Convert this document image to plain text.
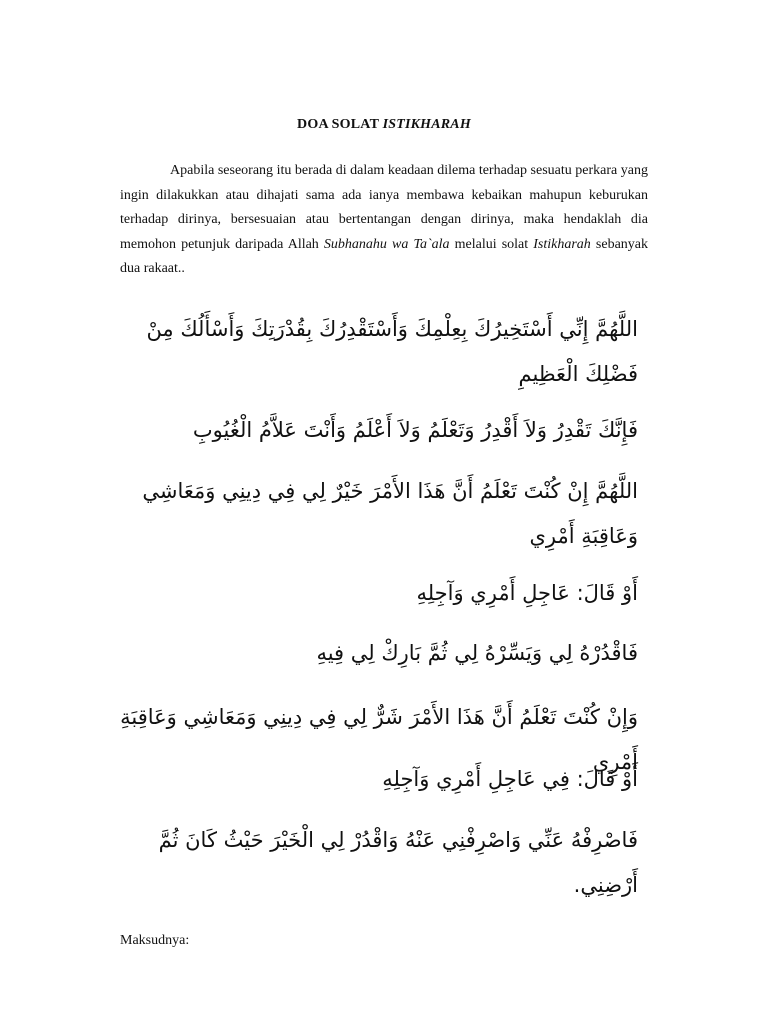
DOA SOLAT ISTIKHARAH
Apabila seseorang itu berada di dalam keadaan dilema terhadap sesuatu perkara yang ingin dilakukkan atau dihajati sama ada ianya membawa kebaikan mahupun keburukan terhadap dirinya, bersesuaian atau bertentangan dengan dirinya, maka hendaklah dia memohon petunjuk daripada Allah Subhanahu wa Ta`ala melalui solat Istikharah sebanyak dua rakaat..
اللَّهُمَّ إِنِّي أَسْتَخِيرُكَ بِعِلْمِكَ وَأَسْتَقْدِرُكَ بِقُدْرَتِكَ وَأَسْأَلُكَ مِنْ فَضْلِكَ الْعَظِيمِ
فَإِنَّكَ تَقْدِرُ وَلاَ أَقْدِرُ وَتَعْلَمُ وَلاَ أَعْلَمُ وَأَنْتَ عَلاَّمُ الْغُيُوبِ
اللَّهُمَّ إِنْ كُنْتَ تَعْلَمُ أَنَّ هَذَا الأَمْرَ خَيْرٌ لِي فِي دِينِي وَمَعَاشِي وَعَاقِبَةِ أَمْرِي
أَوْ قَالَ: عَاجِلِ أَمْرِي وَآجِلِهِ
فَاقْدُرْهُ لِي وَيَسِّرْهُ لِي ثُمَّ بَارِكْ لِي فِيهِ
وَإِنْ كُنْتَ تَعْلَمُ أَنَّ هَذَا الأَمْرَ شَرٌّ لِي فِي دِينِي وَمَعَاشِي وَعَاقِبَةِ أَمْرِي
أَوْ قَالَ: فِي عَاجِلِ أَمْرِي وَآجِلِهِ
فَاصْرِفْهُ عَنِّي وَاصْرِفْنِي عَنْهُ وَاقْدُرْ لِي الْخَيْرَ حَيْثُ كَانَ ثُمَّ أَرْضِنِي.
Maksudnya:
